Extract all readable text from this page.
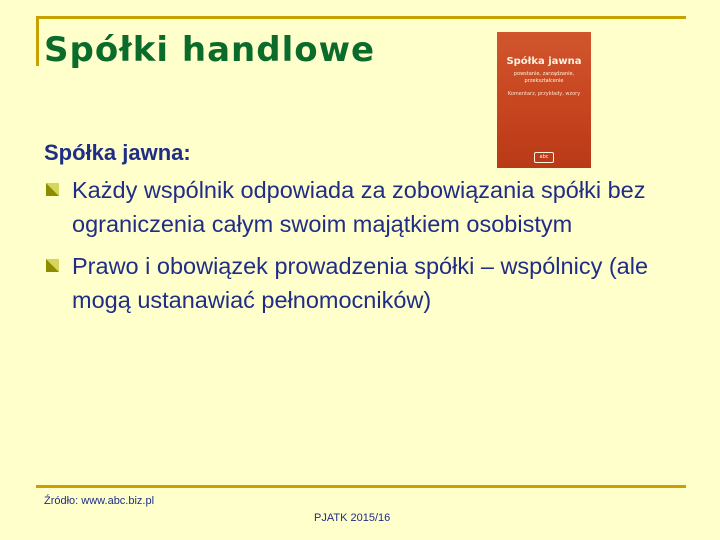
Spółki handlowe	Spółka jawna
powstanie, zarządzanie, przekształcenie
Komentarz, przykłady, wzory
abc
Spółka jawna:
Każdy wspólnik odpowiada za zobowiązania spółki bez ograniczenia całym swoim majątkiem osobistym
Prawo i obowiązek prowadzenia spółki – wspólnicy (ale mogą ustanawiać pełnomocników)
Źródło: www.abc.biz.pl
PJATK 2015/16
